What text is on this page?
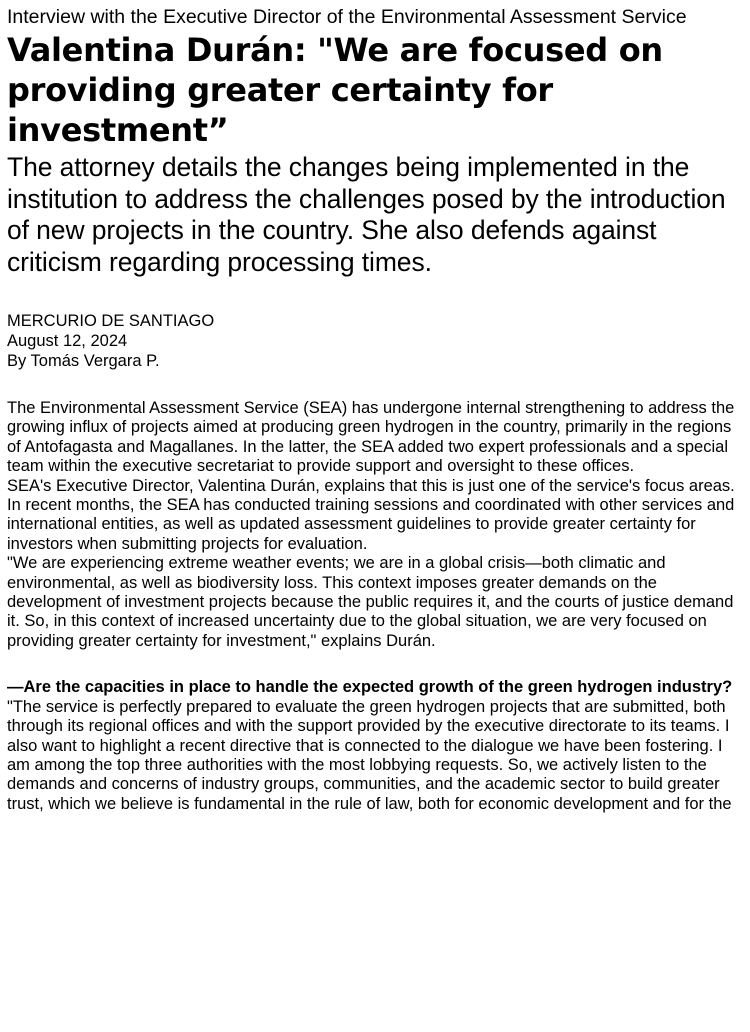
Interview with the Executive Director of the Environmental Assessment Service

Valentina Durán: "We are focused on providing greater certainty for investment”

The attorney details the changes being implemented in the institution to address the challenges posed by the introduction of new projects in the country. She also defends against criticism regarding processing times.

MERCURIO DE SANTIAGO
August 12, 2024
By Tomás Vergara P.

The Environmental Assessment Service (SEA) has undergone internal strengthening to address the growing influx of projects aimed at producing green hydrogen in the country, primarily in the regions of Antofagasta and Magallanes. In the latter, the SEA added two expert professionals and a special team within the executive secretariat to provide support and oversight to these offices.

SEA's Executive Director, Valentina Durán, explains that this is just one of the service's focus areas. In recent months, the SEA has conducted training sessions and coordinated with other services and international entities, as well as updated assessment guidelines to provide greater certainty for investors when submitting projects for evaluation.

"We are experiencing extreme weather events; we are in a global crisis—both climatic and environmental, as well as biodiversity loss. This context imposes greater demands on the development of investment projects because the public requires it, and the courts of justice demand it. So, in this context of increased uncertainty due to the global situation, we are very focused on providing greater certainty for investment," explains Durán.

—Are the capacities in place to handle the expected growth of the green hydrogen industry?

"The service is perfectly prepared to evaluate the green hydrogen projects that are submitted, both through its regional offices and with the support provided by the executive directorate to its teams. I also want to highlight a recent directive that is connected to the dialogue we have been fostering. I am among the top three authorities with the most lobbying requests. So, we actively listen to the demands and concerns of industry groups, communities, and the academic sector to build greater trust, which we believe is fundamental in the rule of law, both for economic development and for the
